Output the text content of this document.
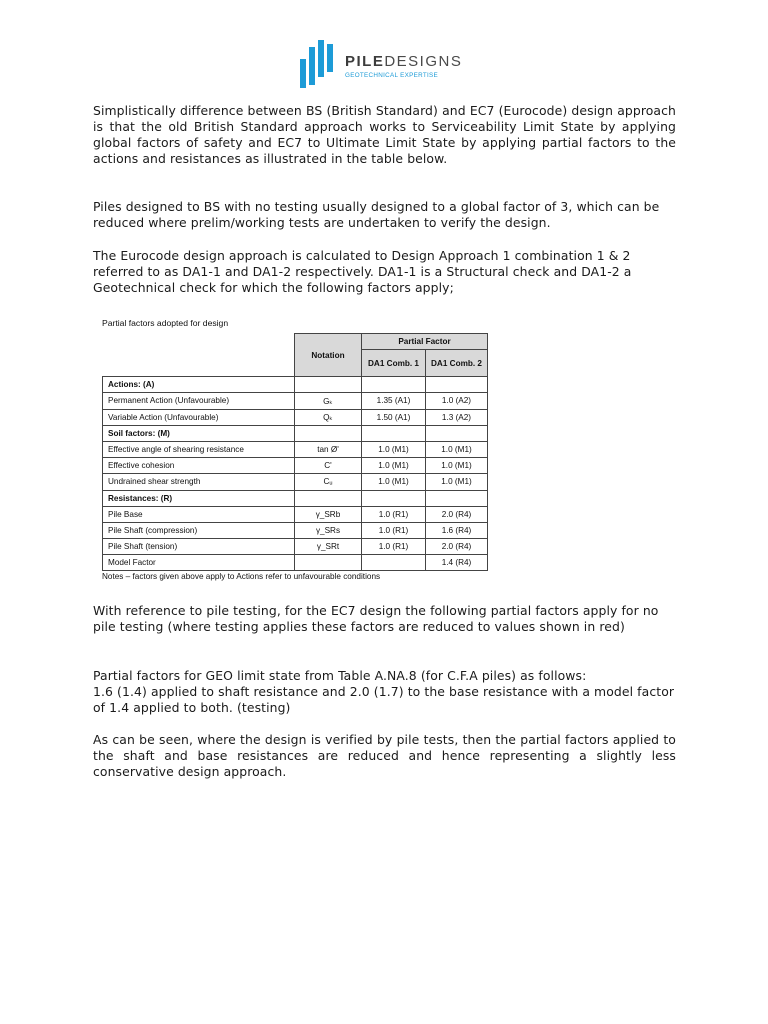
PILEDESIGNS
GEOTECHNICAL EXPERTISE

Simplistically difference between BS (British Standard) and EC7 (Eurocode) design approach is that the old British Standard approach works to Serviceability Limit State by applying global factors of safety and EC7 to Ultimate Limit State by applying partial factors to the actions and resistances as illustrated in the table below.

Piles designed to BS with no testing usually designed to a global factor of 3, which can be reduced where prelim/working tests are undertaken to verify the design.

The Eurocode design approach is calculated to Design Approach 1 combination 1 & 2 referred to as DA1-1 and DA1-2 respectively. DA1-1 is a Structural check and DA1-2 a Geotechnical check for which the following factors apply;

Partial factors adopted for design

	Notation	Partial Factor	
		DA1 Comb. 1	DA1 Comb. 2
Actions: (A)			
Permanent Action (Unfavourable)	Gₖ	1.35 (A1)	1.0 (A2)
Variable Action (Unfavourable)	Qₖ	1.50 (A1)	1.3 (A2)
Soil factors: (M)			
Effective angle of shearing resistance	tan Ø'	1.0 (M1)	1.0 (M1)
Effective cohesion	C'	1.0 (M1)	1.0 (M1)
Undrained shear strength	Cᵤ	1.0 (M1)	1.0 (M1)
Resistances: (R)			
Pile Base	γ_SRb	1.0 (R1)	2.0 (R4)
Pile Shaft (compression)	γ_SRs	1.0 (R1)	1.6 (R4)
Pile Shaft (tension)	γ_SRt	1.0 (R1)	2.0 (R4)
Model Factor			1.4 (R4)
Notes – factors given above apply to Actions refer to unfavourable conditions

With reference to pile testing, for the EC7 design the following partial factors apply for no pile testing (where testing applies these factors are reduced to values shown in red)

Partial factors for GEO limit state from Table A.NA.8 (for C.F.A piles) as follows:
1.6 (1.4) applied to shaft resistance and 2.0 (1.7) to the base resistance with a model factor of 1.4 applied to both. (testing)

As can be seen, where the design is verified by pile tests, then the partial factors applied to the shaft and base resistances are reduced and hence representing a slightly less conservative design approach.
